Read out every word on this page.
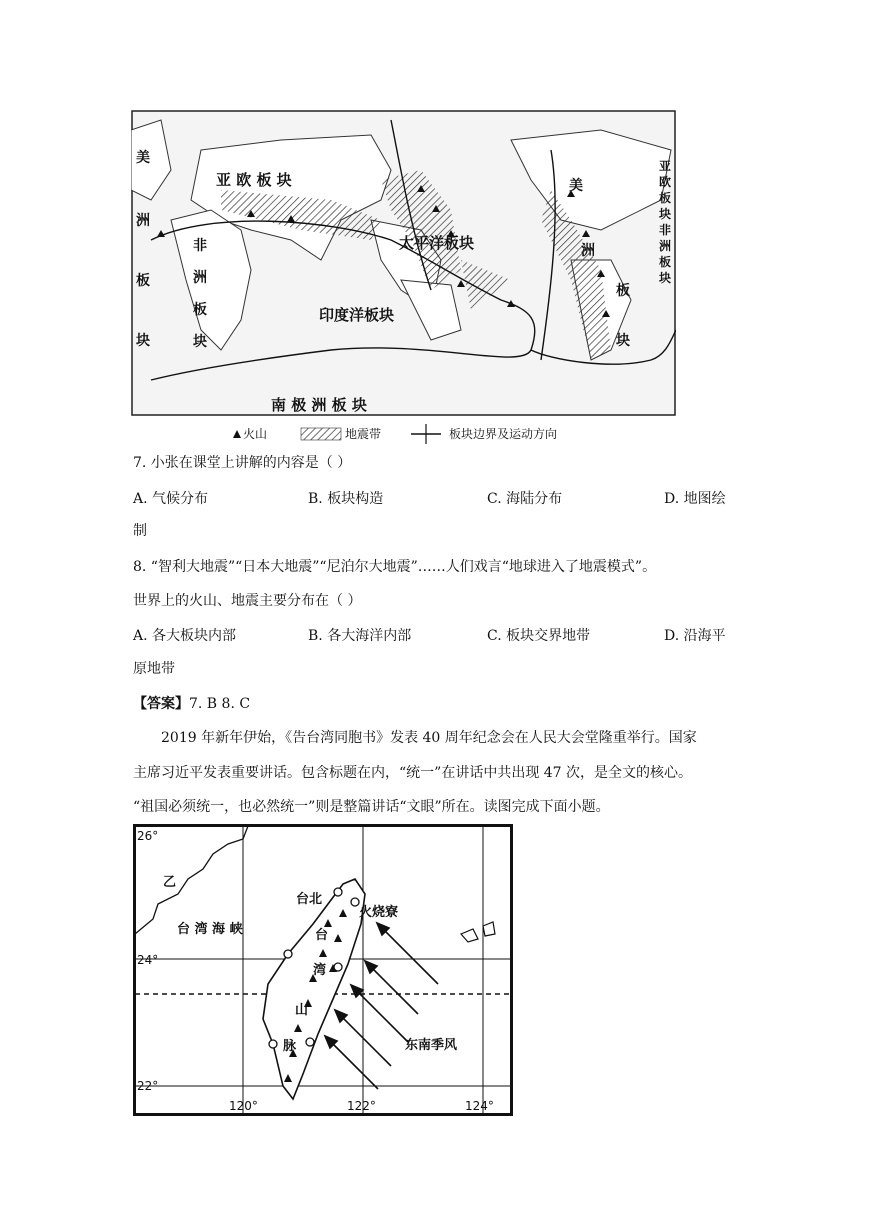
亚 欧 板 块
太平洋板块
印度洋板块
南 极 洲 板 块
非
洲
板
块
美
洲
板
块
美
洲
板
块
亚
欧
板
块
非
洲
板
块
火山	地震带	板块边界及运动方向
7. 小张在课堂上讲解的内容是（ ）
A. 气候分布	B. 板块构造	C. 海陆分布	D. 地图绘
制
8. “智利大地震”“日本大地震”“尼泊尔大地震”……人们戏言“地球进入了地震模式”。
世界上的火山、地震主要分布在（ ）
A. 各大板块内部	B. 各大海洋内部	C. 板块交界地带	D. 沿海平
原地带
【答案】7. B 8. C
2019 年新年伊始，《告台湾同胞书》发表 40 周年纪念会在人民大会堂隆重举行。国家
主席习近平发表重要讲话。包含标题在内，“统一”在讲话中共出现 47 次，是全文的核心。
“祖国必须统一，也必然统一”则是整篇讲话“文眼”所在。读图完成下面小题。
26°
24°
22°
120°	122°	124°
乙
台 湾 海 峡
台北
火烧寮
台
湾
山
脉	东南季风
